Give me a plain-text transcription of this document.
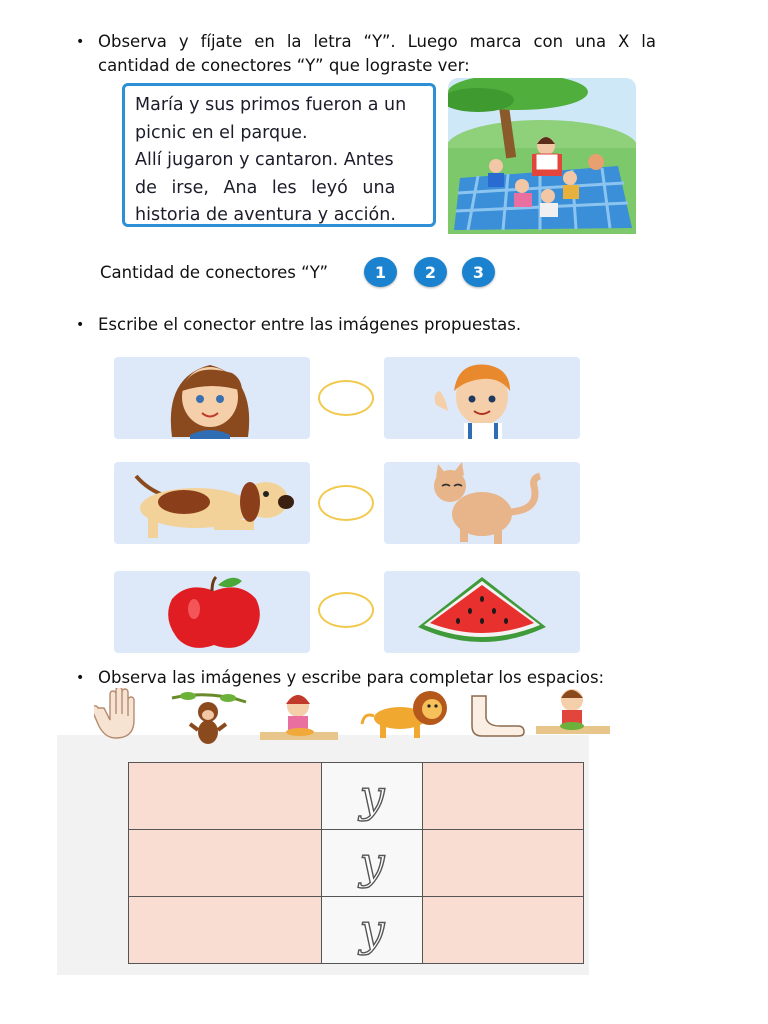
• Observa y fíjate en la letra “Y”. Luego marca con una X la
cantidad de conectores “Y” que lograste ver:
María y sus primos fueron a un
picnic en el parque.
Allí jugaron y cantaron. Antes
de irse, Ana les leyó una
historia de aventura y acción.
Cantidad de conectores “Y”	1	2	3
• Escribe el conector entre las imágenes propuestas.
• Observa las imágenes y escribe para completar los espacios:
	y	
	y	
	y	
